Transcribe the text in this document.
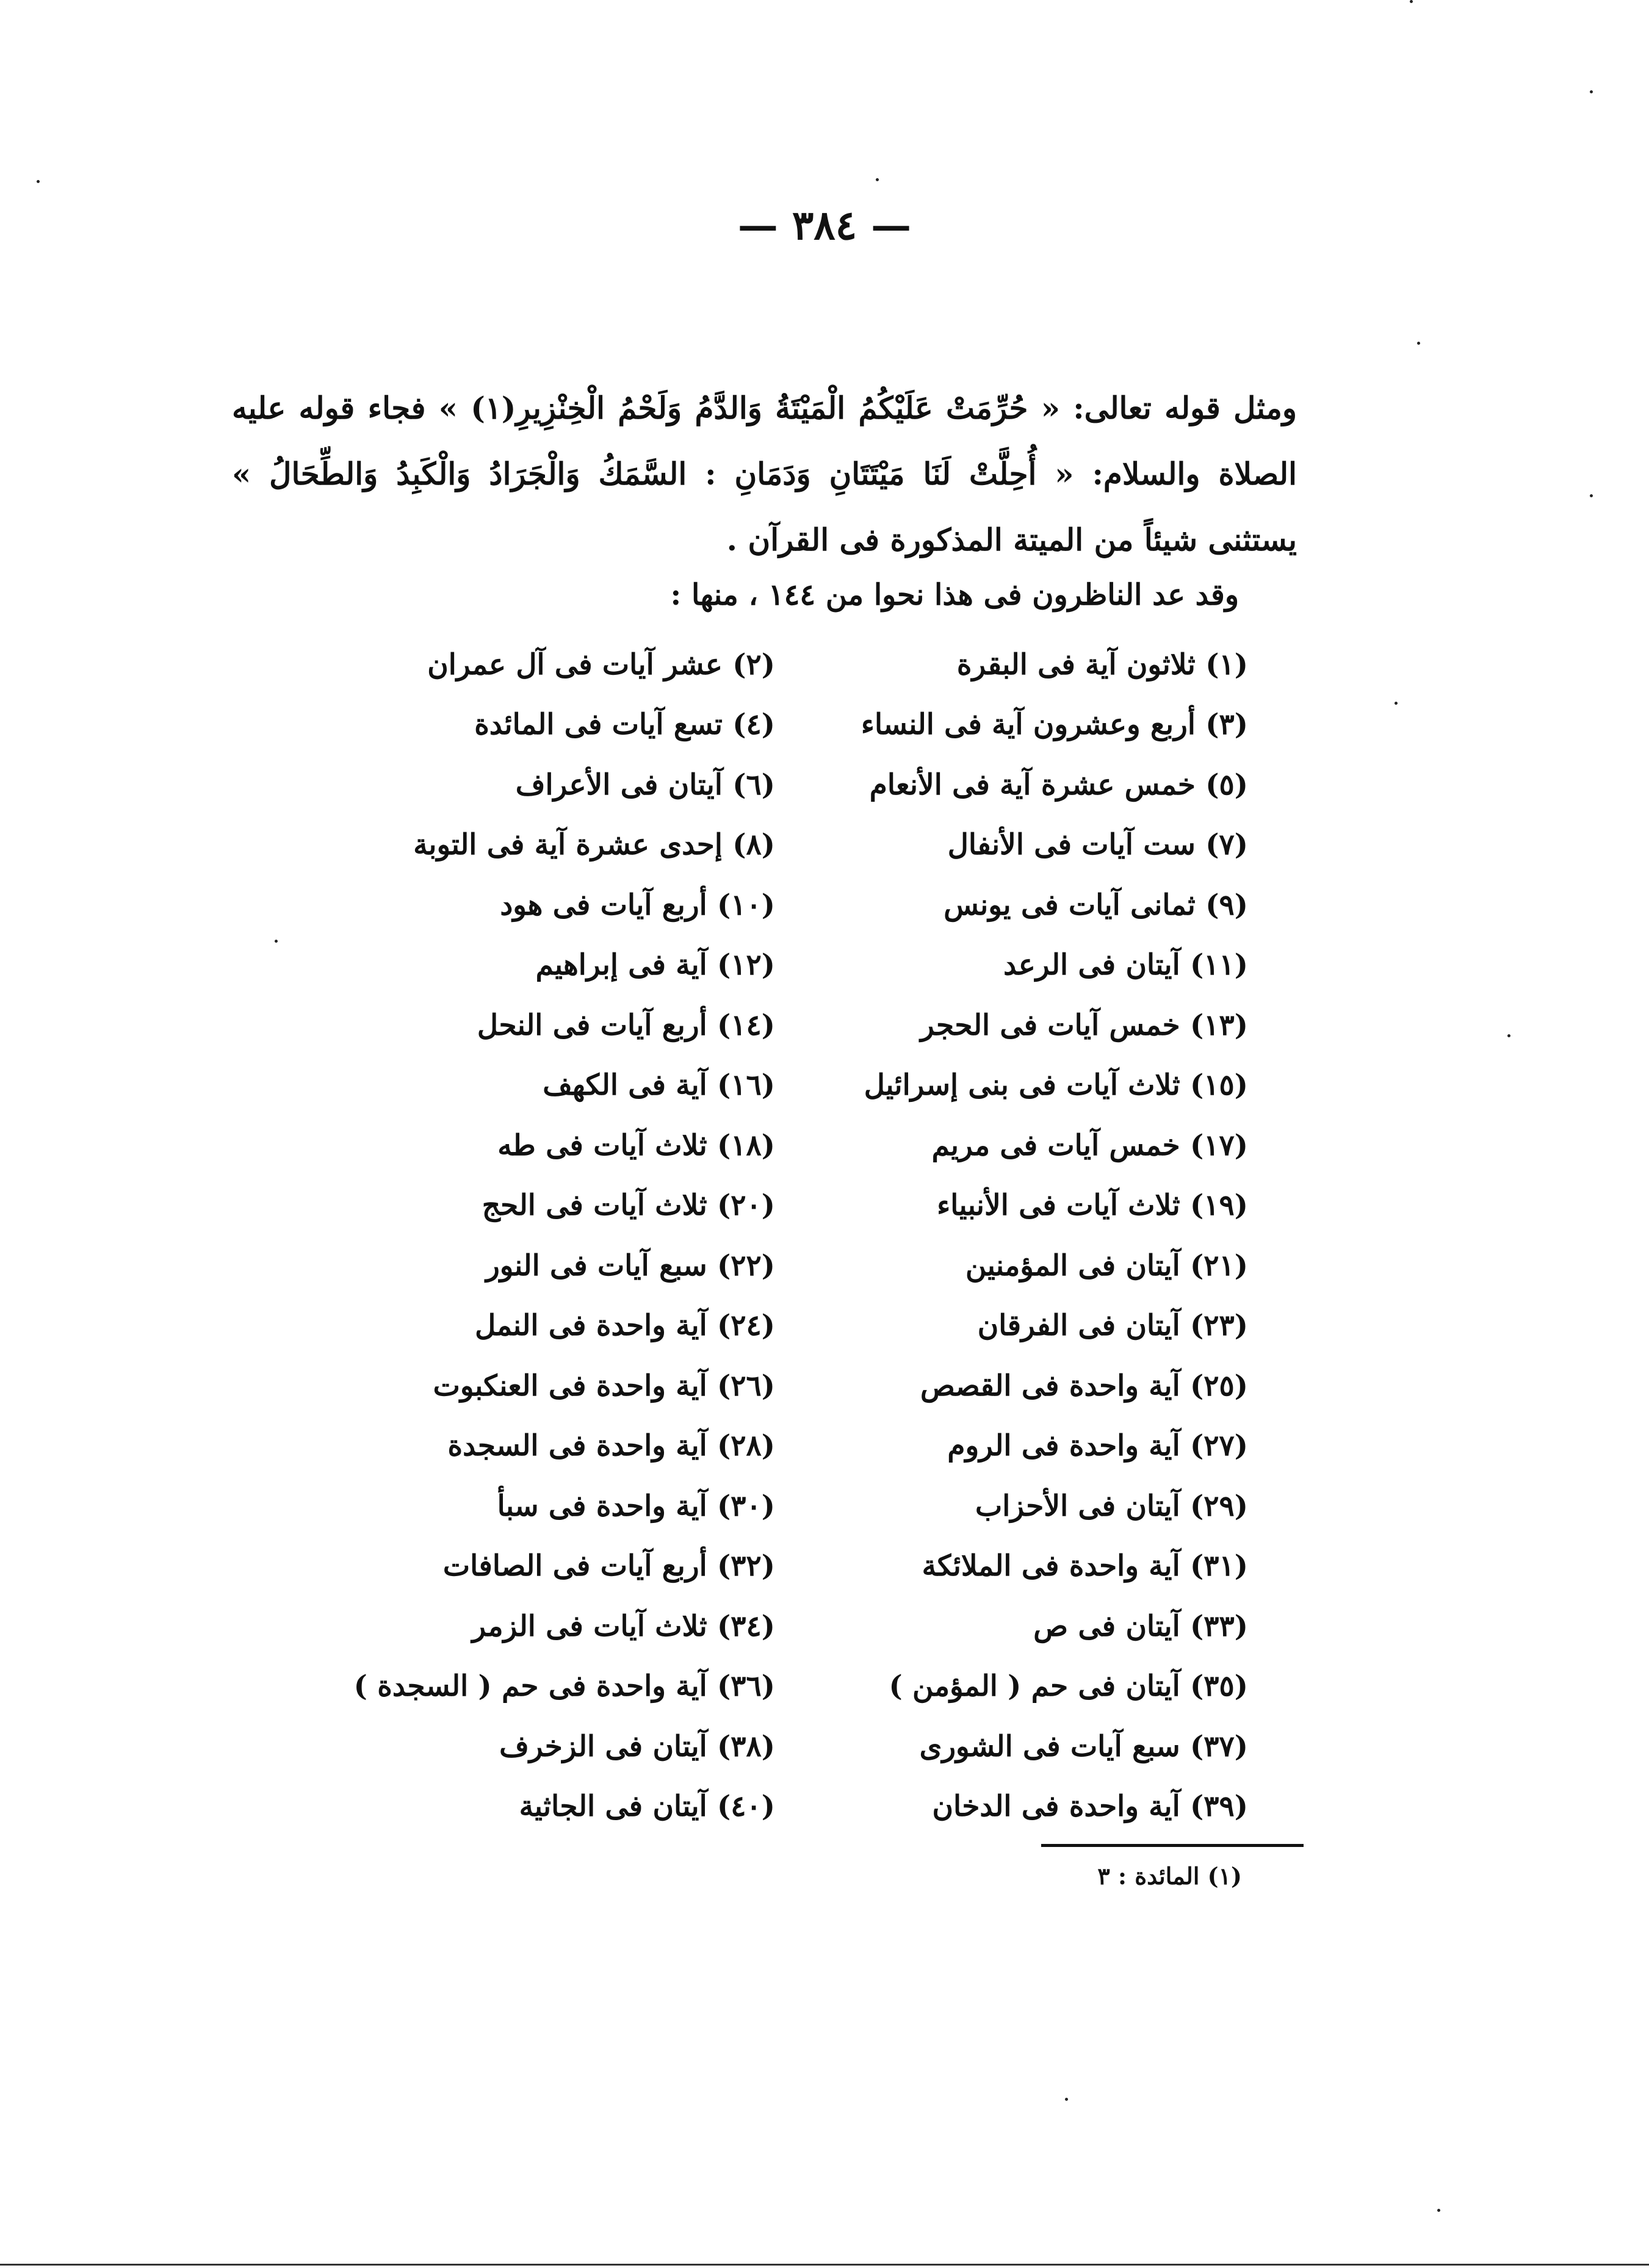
— ٣٨٤ —
ومثل قوله تعالى: « حُرِّمَتْ عَلَيْكُمُ الْمَيْتَةُ وَالدَّمُ وَلَحْمُ الْخِنْزِيرِ(١) » فجاء قوله عليه الصلاة والسلام: « أُحِلَّتْ لَنَا مَيْتَتَانِ وَدَمَانِ : السَّمَكُ وَالْجَرَادُ وَالْكَبِدُ وَالطِّحَالُ » يستثنى شيئاً من الميتة المذكورة فى القرآن .
وقد عد الناظرون فى هذا نحوا من ١٤٤ ، منها :
(١) ثلاثون آية فى البقرة
(٢) عشر آيات فى آل عمران
(٣) أربع وعشرون آية فى النساء
(٤) تسع آيات فى المائدة
(٥) خمس عشرة آية فى الأنعام
(٦) آيتان فى الأعراف
(٧) ست آيات فى الأنفال
(٨) إحدى عشرة آية فى التوبة
(٩) ثمانى آيات فى يونس
(١٠) أربع آيات فى هود
(١١) آيتان فى الرعد
(١٢) آية فى إبراهيم
(١٣) خمس آيات فى الحجر
(١٤) أربع آيات فى النحل
(١٥) ثلاث آيات فى بنى إسرائيل
(١٦) آية فى الكهف
(١٧) خمس آيات فى مريم
(١٨) ثلاث آيات فى طه
(١٩) ثلاث آيات فى الأنبياء
(٢٠) ثلاث آيات فى الحج
(٢١) آيتان فى المؤمنين
(٢٢) سبع آيات فى النور
(٢٣) آيتان فى الفرقان
(٢٤) آية واحدة فى النمل
(٢٥) آية واحدة فى القصص
(٢٦) آية واحدة فى العنكبوت
(٢٧) آية واحدة فى الروم
(٢٨) آية واحدة فى السجدة
(٢٩) آيتان فى الأحزاب
(٣٠) آية واحدة فى سبأ
(٣١) آية واحدة فى الملائكة
(٣٢) أربع آيات فى الصافات
(٣٣) آيتان فى ص
(٣٤) ثلاث آيات فى الزمر
(٣٥) آيتان فى حم ( المؤمن )
(٣٦) آية واحدة فى حم ( السجدة )
(٣٧) سبع آيات فى الشورى
(٣٨) آيتان فى الزخرف
(٣٩) آية واحدة فى الدخان
(٤٠) آيتان فى الجاثية
(١) المائدة : ٣
